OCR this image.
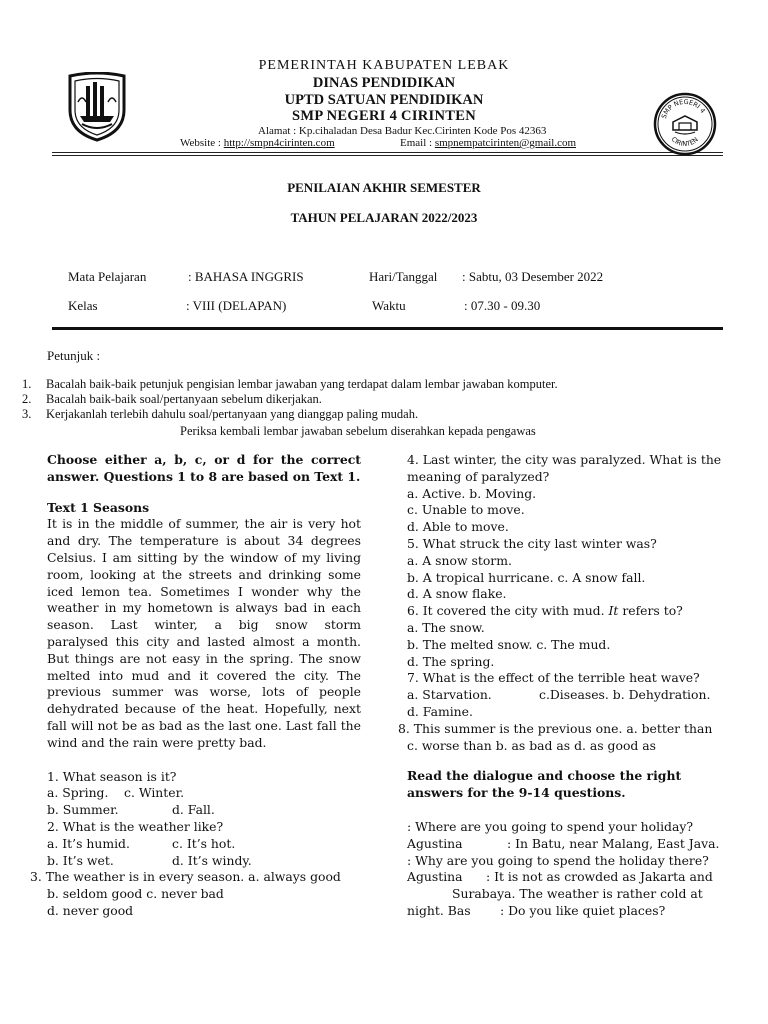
PEMERINTAH KABUPATEN LEBAK
DINAS PENDIDIKAN
UPTD SATUAN PENDIDIKAN
SMP NEGERI 4 CIRINTEN
Alamat : Kp.cihaladan Desa Badur Kec.Cirinten Kode Pos 42363
Website : http://smpn4cirinten.com	Email : smpnempatcirinten@gmail.com
SMP NEGERI 4
CIRINTEN
PENILAIAN AKHIR SEMESTER
TAHUN PELAJARAN 2022/2023
Mata Pelajaran	: BAHASA INGGRIS	Hari/Tanggal : Sabtu, 03 Desember 2022
Kelas	: VIII (DELAPAN)	Waktu	: 07.30 - 09.30
Petunjuk :
1. Bacalah baik-baik petunjuk pengisian lembar jawaban yang terdapat dalam lembar jawaban komputer.
2. Bacalah baik-baik soal/pertanyaan sebelum dikerjakan.
3. Kerjakanlah terlebih dahulu soal/pertanyaan yang dianggap paling mudah.
Periksa kembali lembar jawaban sebelum diserahkan kepada pengawas
Choose either a, b, c, or d for the correct
answer. Questions 1 to 8 are based on Text 1.
Text 1 Seasons
It is in the middle of summer, the air is very hot
and dry. The temperature is about 34 degrees
Celsius. I am sitting by the window of my living
room, looking at the streets and drinking some
iced lemon tea. Sometimes I wonder why the
weather in my hometown is always bad in each
season. Last winter, a big snow storm
paralysed this city and lasted almost a month.
But things are not easy in the spring. The snow
melted into mud and it covered the city. The
previous summer was worse, lots of people
dehydrated because of the heat. Hopefully, next
fall will not be as bad as the last one. Last fall the
wind and the rain were pretty bad.
1. What season is it?
a. Spring. c. Winter.
b. Summer.	d. Fall.
2. What is the weather like?
a. It’s humid.	c. It’s hot.
b. It’s wet.	d. It’s windy.
3. The weather is in every season. a. always good
b. seldom good c. never bad
d. never good
4. Last winter, the city was paralyzed. What is the
meaning of paralyzed?
a. Active. b. Moving.
c. Unable to move.
d. Able to move.
5. What struck the city last winter was?
a. A snow storm.
b. A tropical hurricane. c. A snow fall.
d. A snow flake.
6. It covered the city with mud. It refers to?
a. The snow.
b. The melted snow. c. The mud.
d. The spring.
7. What is the effect of the terrible heat wave?
a. Starvation.	c.Diseases. b. Dehydration.
d. Famine.
8. This summer is the previous one. a. better than
c. worse than b. as bad as d. as good as
Read the dialogue and choose the right
answers for the 9-14 questions.
: Where are you going to spend your holiday?
Agustina	: In Batu, near Malang, East Java.
: Why are you going to spend the holiday there?
Agustina : It is not as crowded as Jakarta and
Surabaya. The weather is rather cold at
night. Bas : Do you like quiet places?
